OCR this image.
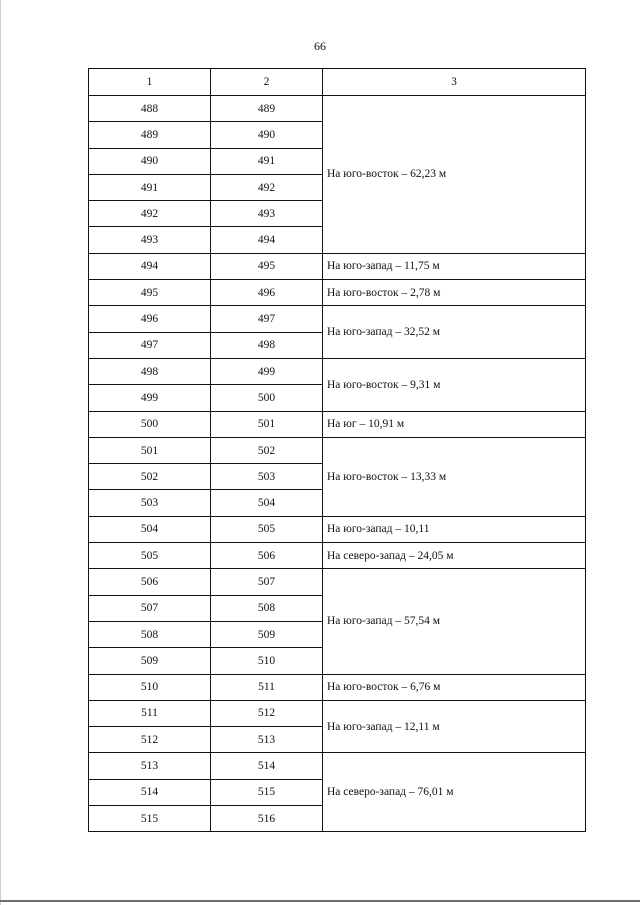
66
1	2	3
488	489	На юго-восток – 62,23 м
489	490	
490	491	
491	492	
492	493	
493	494	
494	495	На юго-запад – 11,75 м
495	496	На юго-восток – 2,78 м
496	497	На юго-запад – 32,52 м
497	498	
498	499	На юго-восток – 9,31 м
499	500	
500	501	На юг – 10,91 м
501	502	На юго-восток – 13,33 м
502	503	
503	504	
504	505	На юго-запад – 10,11
505	506	На северо-запад – 24,05 м
506	507	На юго-запад – 57,54 м
507	508	
508	509	
509	510	
510	511	На юго-восток – 6,76 м
511	512	На юго-запад – 12,11 м
512	513	
513	514	На северо-запад – 76,01 м
514	515	
515	516	
